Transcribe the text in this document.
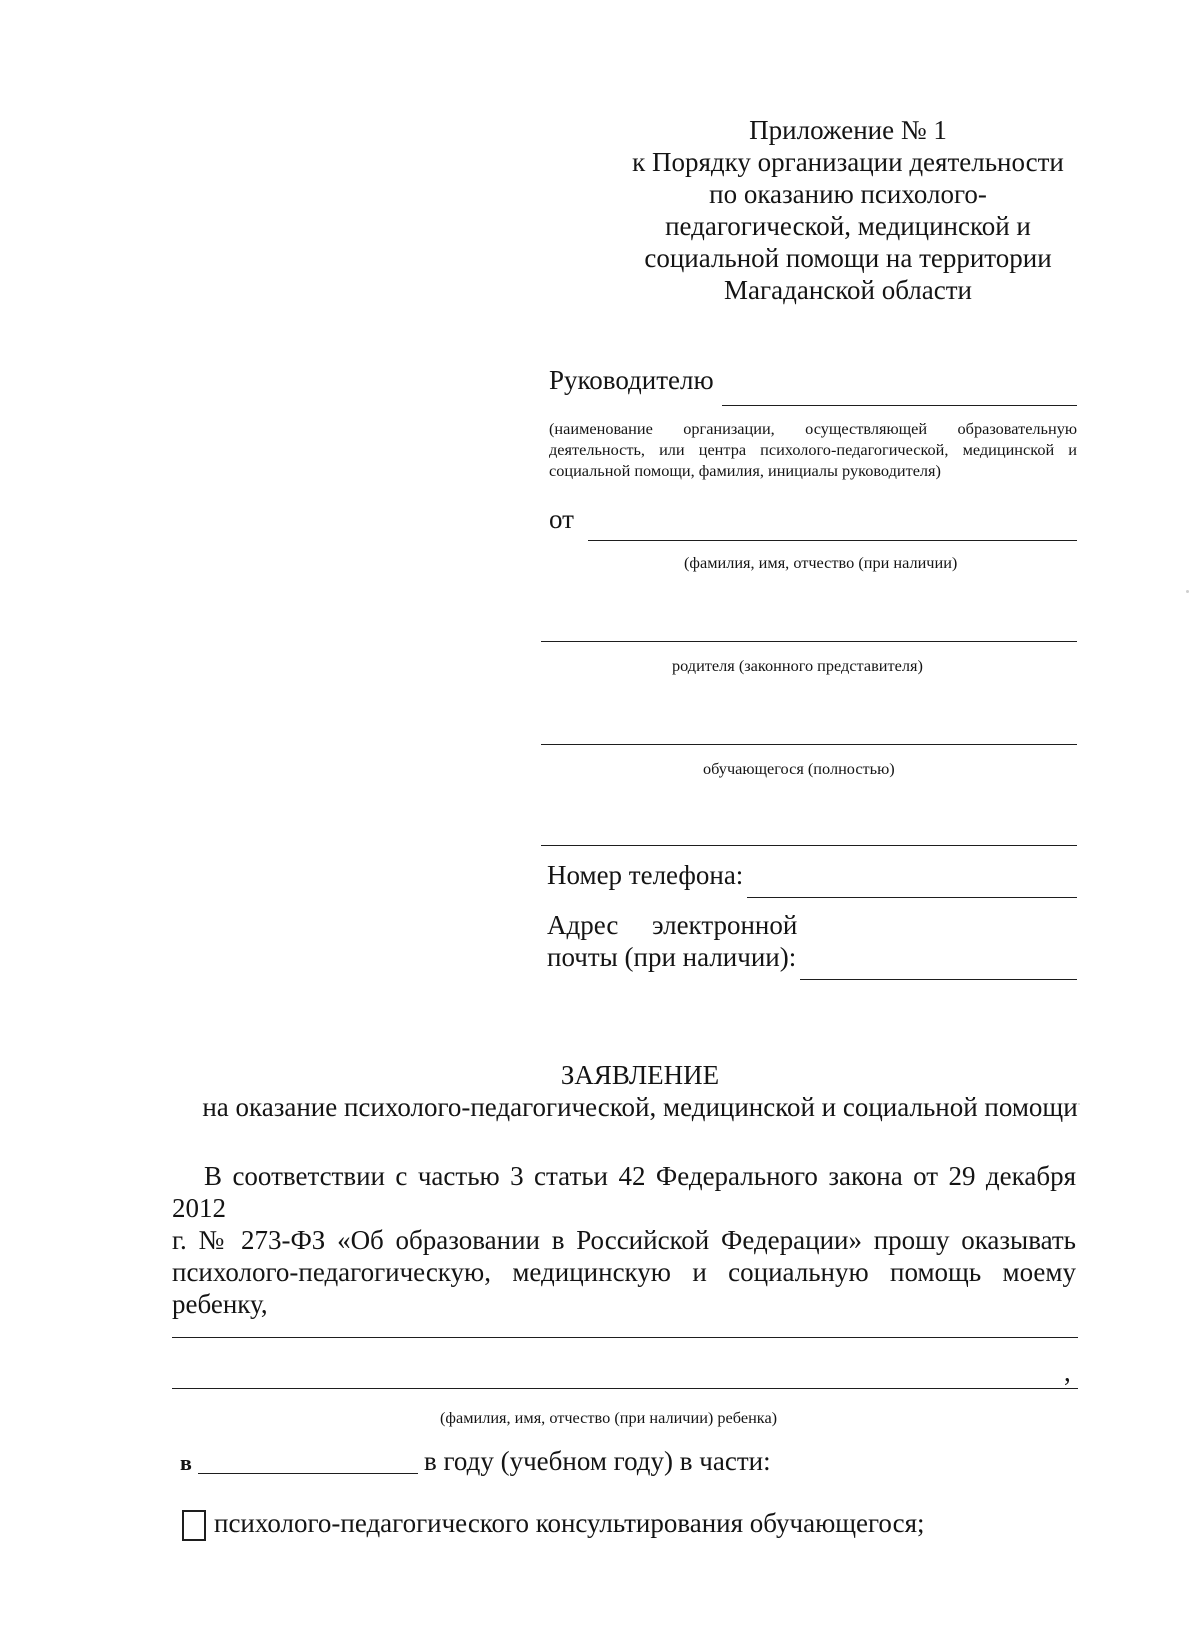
Приложение № 1
к Порядку организации деятельности
по оказанию психолого-
педагогической, медицинской и
социальной помощи на территории
Магаданской области
Руководителю
(наименование организации, осуществляющей образовательную деятельность, или центра психолого-педагогической, медицинской и социальной помощи, фамилия, инициалы руководителя)
от
(фамилия, имя, отчество (при наличии)
родителя (законного представителя)
обучающегося (полностью)
Номер телефона:
Адрес электронной
почты (при наличии):
ЗАЯВЛЕНИЕ
на оказание психолого-педагогической, медицинской и социальной помощи
В соответствии с частью 3 статьи 42 Федерального закона от 29 декабря 2012
г. № 273-ФЗ «Об образовании в Российской Федерации» прошу оказывать
психолого-педагогическую, медицинскую и социальную помощь моему
ребенку,
,
(фамилия, имя, отчество (при наличии) ребенка)
в	в году (учебном году) в части:
психолого-педагогического консультирования обучающегося;
